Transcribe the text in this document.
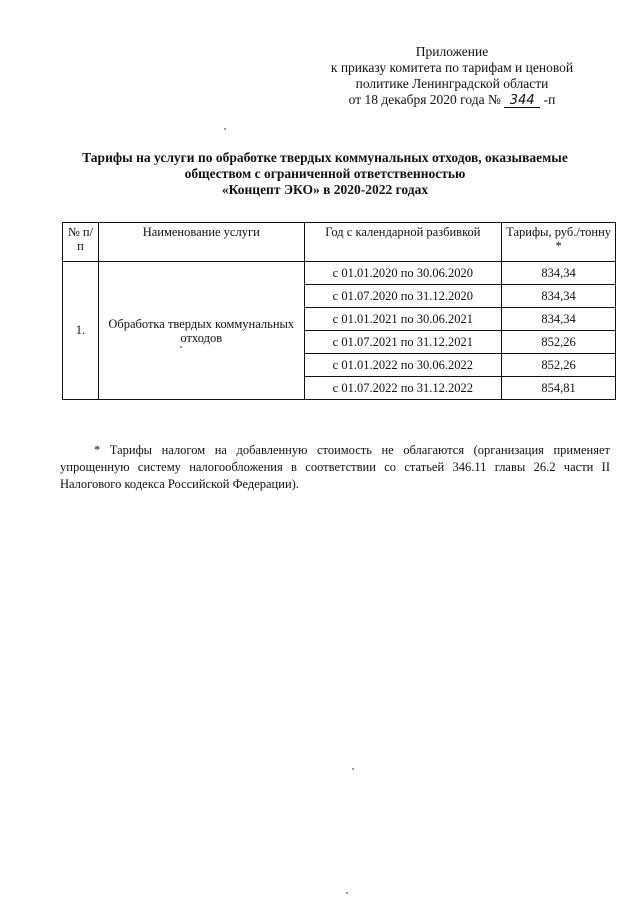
Приложение
к приказу комитета по тарифам и ценовой
политике Ленинградской области
от 18 декабря 2020 года № 344 -п
Тарифы на услуги по обработке твердых коммунальных отходов, оказываемые
обществом с ограниченной ответственностью
«Концепт ЭКО» в 2020-2022 годах
№ п/п	Наименование услуги	Год с календарной разбивкой	Тарифы, руб./тонну *
1.	Обработка твердых коммунальных отходов	с 01.01.2020 по 30.06.2020	834,34
		с 01.07.2020 по 31.12.2020	834,34
		с 01.01.2021 по 30.06.2021	834,34
		с 01.07.2021 по 31.12.2021	852,26
		с 01.01.2022 по 30.06.2022	852,26
		с 01.07.2022 по 31.12.2022	854,81
* Тарифы налогом на добавленную стоимость не облагаются (организация применяет упрощенную систему налогообложения в соответствии со статьей 346.11 главы 26.2 части II Налогового кодекса Российской Федерации).
